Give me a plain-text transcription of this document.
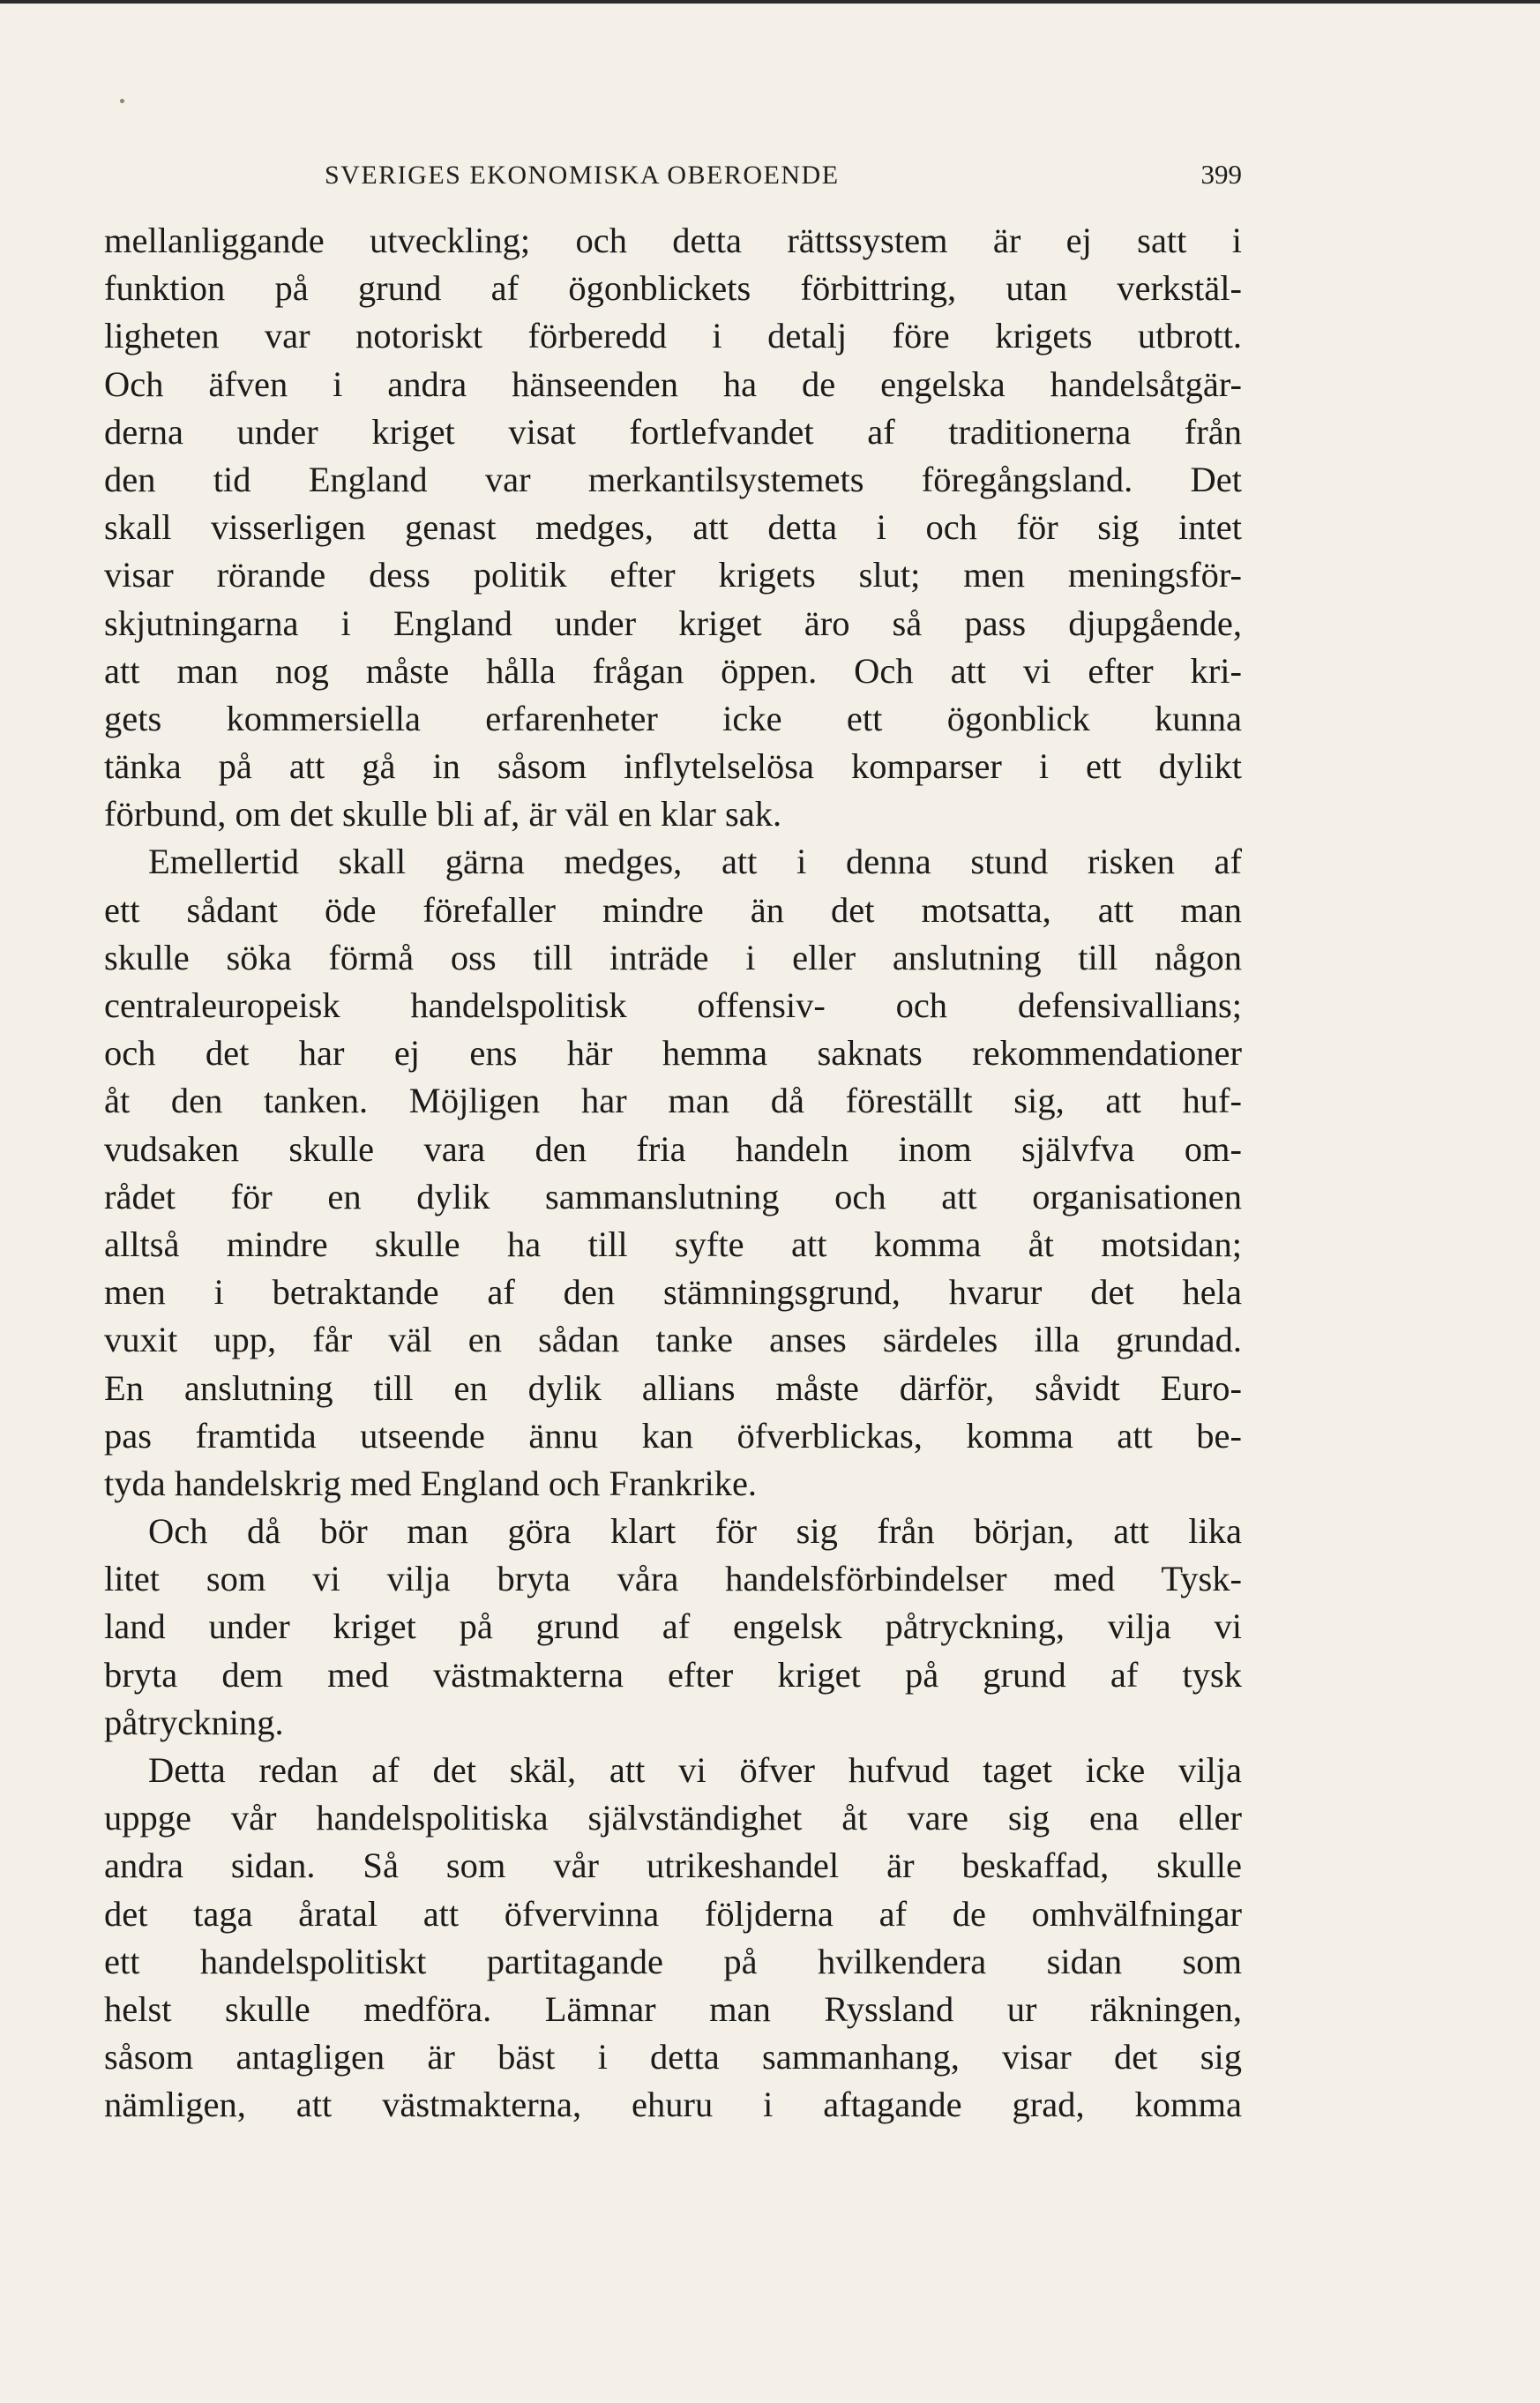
SVERIGES EKONOMISKA OBEROENDE	399
mellanliggande utveckling; och detta rättssystem är ej satt i
funktion på grund af ögonblickets förbittring, utan verkstäl-
ligheten var notoriskt förberedd i detalj före krigets utbrott.
Och äfven i andra hänseenden ha de engelska handelsåtgär-
derna under kriget visat fortlefvandet af traditionerna från
den tid England var merkantilsystemets föregångsland. Det
skall visserligen genast medges, att detta i och för sig intet
visar rörande dess politik efter krigets slut; men meningsför-
skjutningarna i England under kriget äro så pass djupgående,
att man nog måste hålla frågan öppen. Och att vi efter kri-
gets kommersiella erfarenheter icke ett ögonblick kunna
tänka på att gå in såsom inflytelselösa komparser i ett dylikt
förbund, om det skulle bli af, är väl en klar sak.
Emellertid skall gärna medges, att i denna stund risken af
ett sådant öde förefaller mindre än det motsatta, att man
skulle söka förmå oss till inträde i eller anslutning till någon
centraleuropeisk handelspolitisk offensiv- och defensivallians;
och det har ej ens här hemma saknats rekommendationer
åt den tanken. Möjligen har man då föreställt sig, att huf-
vudsaken skulle vara den fria handeln inom självfva om-
rådet för en dylik sammanslutning och att organisationen
alltså mindre skulle ha till syfte att komma åt motsidan;
men i betraktande af den stämningsgrund, hvarur det hela
vuxit upp, får väl en sådan tanke anses särdeles illa grundad.
En anslutning till en dylik allians måste därför, såvidt Euro-
pas framtida utseende ännu kan öfverblickas, komma att be-
tyda handelskrig med England och Frankrike.
Och då bör man göra klart för sig från början, att lika
litet som vi vilja bryta våra handelsförbindelser med Tysk-
land under kriget på grund af engelsk påtryckning, vilja vi
bryta dem med västmakterna efter kriget på grund af tysk
påtryckning.
Detta redan af det skäl, att vi öfver hufvud taget icke vilja
uppge vår handelspolitiska självständighet åt vare sig ena eller
andra sidan. Så som vår utrikeshandel är beskaffad, skulle
det taga åratal att öfvervinna följderna af de omhvälfningar
ett handelspolitiskt partitagande på hvilkendera sidan som
helst skulle medföra. Lämnar man Ryssland ur räkningen,
såsom antagligen är bäst i detta sammanhang, visar det sig
nämligen, att västmakterna, ehuru i aftagande grad, komma
